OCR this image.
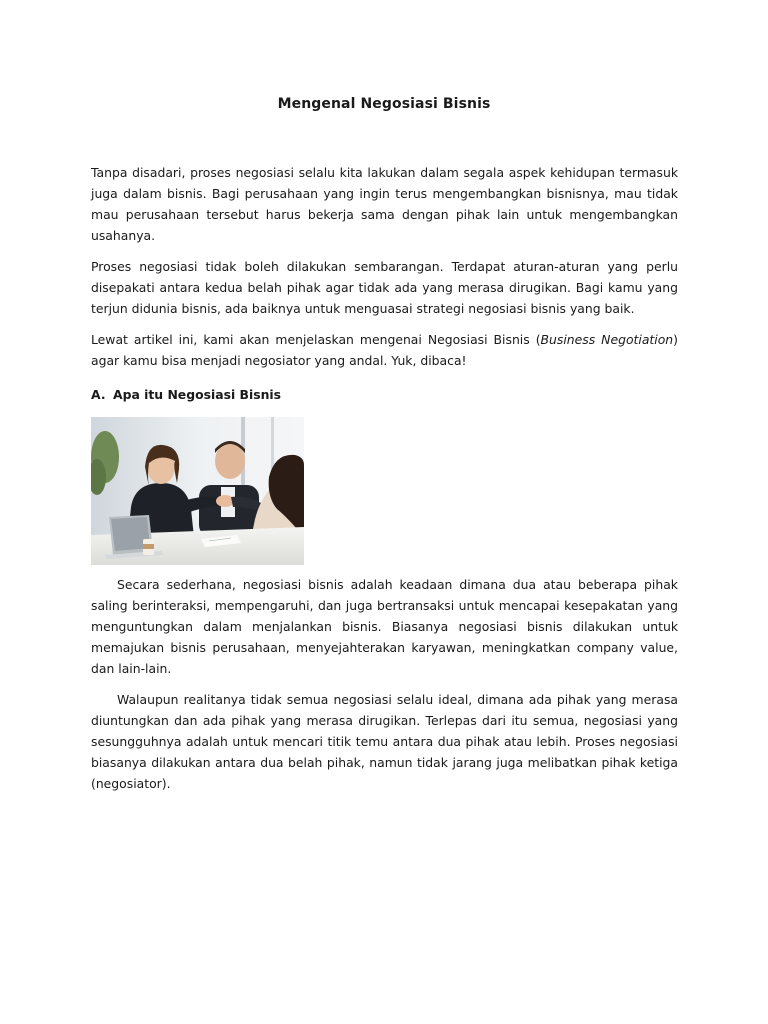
Mengenal Negosiasi Bisnis

Tanpa disadari, proses negosiasi selalu kita lakukan dalam segala aspek kehidupan termasuk juga dalam bisnis. Bagi perusahaan yang ingin terus mengembangkan bisnisnya, mau tidak mau perusahaan tersebut harus bekerja sama dengan pihak lain untuk mengembangkan usahanya.

Proses negosiasi tidak boleh dilakukan sembarangan. Terdapat aturan-aturan yang perlu disepakati antara kedua belah pihak agar tidak ada yang merasa dirugikan. Bagi kamu yang terjun didunia bisnis, ada baiknya untuk menguasai strategi negosiasi bisnis yang baik.

Lewat artikel ini, kami akan menjelaskan mengenai Negosiasi Bisnis (Business Negotiation) agar kamu bisa menjadi negosiator yang andal. Yuk, dibaca!

A. Apa itu Negosiasi Bisnis

Secara sederhana, negosiasi bisnis adalah keadaan dimana dua atau beberapa pihak saling berinteraksi, mempengaruhi, dan juga bertransaksi untuk mencapai kesepakatan yang menguntungkan dalam menjalankan bisnis. Biasanya negosiasi bisnis dilakukan untuk memajukan bisnis perusahaan, menyejahterakan karyawan, meningkatkan company value, dan lain-lain.

Walaupun realitanya tidak semua negosiasi selalu ideal, dimana ada pihak yang merasa diuntungkan dan ada pihak yang merasa dirugikan. Terlepas dari itu semua, negosiasi yang sesungguhnya adalah untuk mencari titik temu antara dua pihak atau lebih. Proses negosiasi biasanya dilakukan antara dua belah pihak, namun tidak jarang juga melibatkan pihak ketiga (negosiator).
